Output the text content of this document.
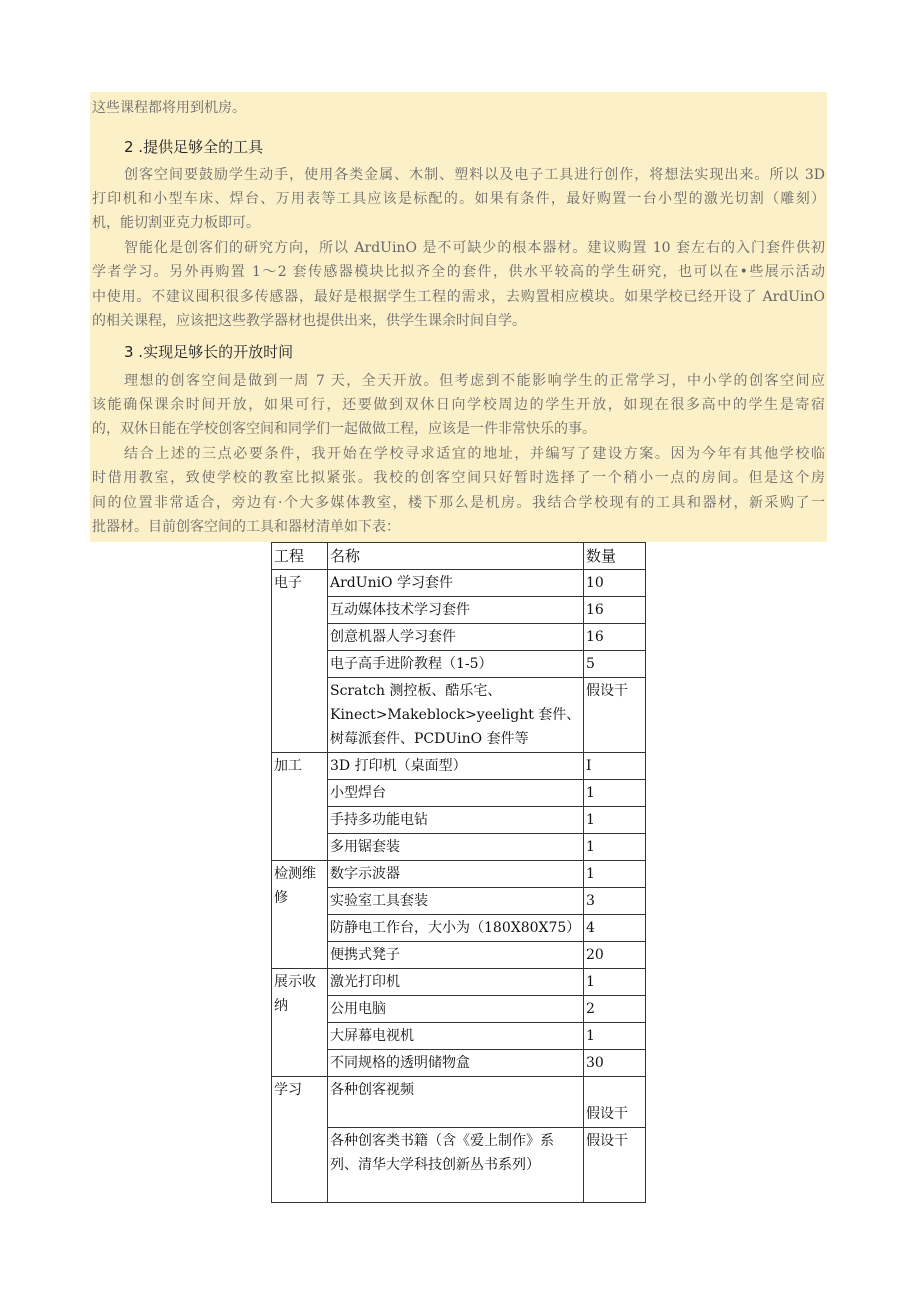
这些课程都将用到机房。
2 .提供足够全的工具
创客空间要鼓励学生动手，使用各类金属、木制、塑料以及电子工具进行创作，将想法实现出来。所以 3D
打印机和小型车床、焊台、万用表等工具应该是标配的。如果有条件，最好购置一台小型的激光切割（雕刻）
机，能切割亚克力板即可。
智能化是创客们的研究方向，所以 ArdUinO 是不可缺少的根本器材。建议购置 10 套左右的入门套件供初
学者学习。另外再购置 1～2 套传感器模块比拟齐全的套件，供水平较高的学生研究，也可以在•些展示活动
中使用。不建议囤积很多传感器，最好是根据学生工程的需求，去购置相应模块。如果学校已经开设了 ArdUinO
的相关课程，应该把这些教学器材也提供出来，供学生课余时间自学。
3 .实现足够长的开放时间
理想的创客空间是做到一周 7 天，全天开放。但考虑到不能影响学生的正常学习，中小学的创客空间应
该能确保课余时间开放，如果可行，还要做到双休日向学校周边的学生开放，如现在很多高中的学生是寄宿
的，双休日能在学校创客空间和同学们一起做做工程，应该是一件非常快乐的事。
结合上述的三点必要条件，我开始在学校寻求适宜的地址，并编写了建设方案。因为今年有其他学校临
时借用教室，致使学校的教室比拟紧张。我校的创客空间只好暂时选择了一个稍小一点的房间。但是这个房
间的位置非常适合，旁边有·个大多媒体教室，楼下那么是机房。我结合学校现有的工具和器材，新采购了一
批器材。目前创客空间的工具和器材清单如下表：
工程	名称	数量
电子	ArdUniO 学习套件	10
	互动媒体技术学习套件	16
	创意机器人学习套件	16
	电子高手进阶教程（1-5）	5
	Scratch 测控板、酷乐宅、Kinect>Makeblock>yeelight 套件、树莓派套件、PCDUinO 套件等	假设干
加工	3D 打印机（桌面型）	I
	小型焊台	1
	手持多功能电钻	1
	多用锯套装	1
检测维修	数字示波器	1
	实验室工具套装	3
	防静电工作台，大小为（180X80X75）	4
	便携式凳子	20
展示收纳	激光打印机	1
	公用电脑	2
	大屏幕电视机	1
	不同规格的透明储物盒	30
学习	各种创客视频	假设干
	各种创客类书籍（含《爱上制作》系列、清华大学科技创新丛书系列）	假设干
